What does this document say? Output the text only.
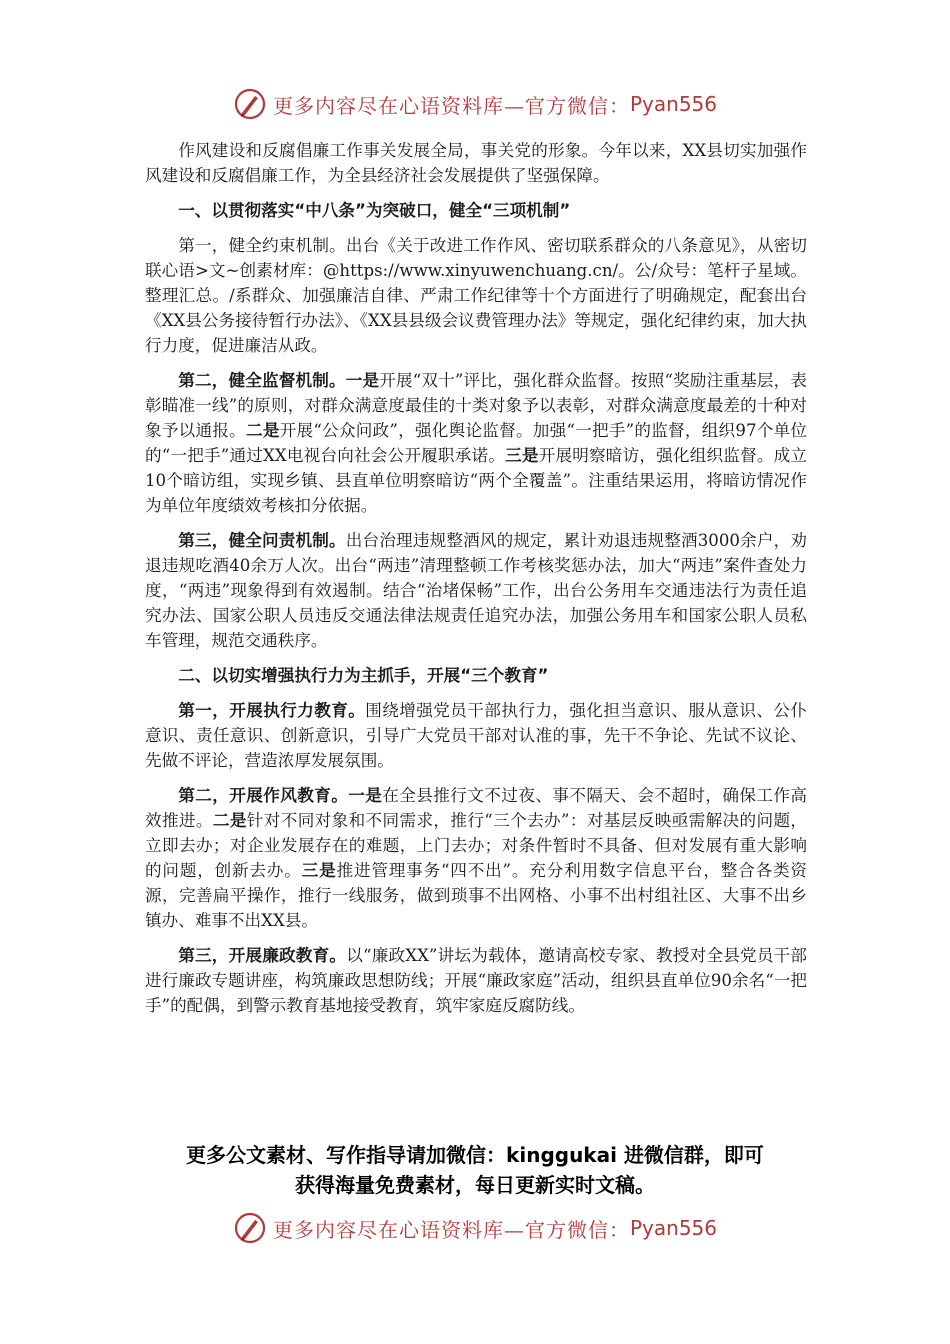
更多内容尽在心语资料库—官方微信： Pyan556

作风建设和反腐倡廉工作事关发展全局，事关党的形象。今年以来，XX县切实加强作风建设和反腐倡廉工作，为全县经济社会发展提供了坚强保障。

一、以贯彻落实“中八条”为突破口，健全“三项机制”

第一，健全约束机制。出台《关于改进工作作风、密切联系群众的八条意见》，从密切联心语>文~创素材库：@https://www.xinyuwenchuang.cn/。公/众号：笔杆子星域。整理汇总。/系群众、加强廉洁自律、严肃工作纪律等十个方面进行了明确规定，配套出台《XX县公务接待暂行办法》、《XX县县级会议费管理办法》等规定，强化纪律约束，加大执行力度，促进廉洁从政。

第二，健全监督机制。一是开展“双十”评比，强化群众监督。按照“奖励注重基层，表彰瞄准一线”的原则，对群众满意度最佳的十类对象予以表彰，对群众满意度最差的十种对象予以通报。二是开展“公众问政”，强化舆论监督。加强“一把手”的监督，组织97个单位的“一把手”通过XX电视台向社会公开履职承诺。三是开展明察暗访，强化组织监督。成立10个暗访组，实现乡镇、县直单位明察暗访“两个全覆盖”。注重结果运用，将暗访情况作为单位年度绩效考核扣分依据。

第三，健全问责机制。出台治理违规整酒风的规定，累计劝退违规整酒3000余户，劝退违规吃酒40余万人次。出台“两违”清理整顿工作考核奖惩办法，加大“两违”案件查处力度，“两违”现象得到有效遏制。结合“治堵保畅”工作，出台公务用车交通违法行为责任追究办法、国家公职人员违反交通法律法规责任追究办法，加强公务用车和国家公职人员私车管理，规范交通秩序。

二、以切实增强执行力为主抓手，开展“三个教育”

第一，开展执行力教育。围绕增强党员干部执行力，强化担当意识、服从意识、公仆意识、责任意识、创新意识，引导广大党员干部对认准的事，先干不争论、先试不议论、先做不评论，营造浓厚发展氛围。

第二，开展作风教育。一是在全县推行文不过夜、事不隔天、会不超时，确保工作高效推进。二是针对不同对象和不同需求，推行“三个去办”：对基层反映亟需解决的问题，立即去办；对企业发展存在的难题，上门去办；对条件暂时不具备、但对发展有重大影响的问题，创新去办。三是推进管理事务“四不出”。充分利用数字信息平台，整合各类资源，完善扁平操作，推行一线服务，做到琐事不出网格、小事不出村组社区、大事不出乡镇办、难事不出XX县。

第三，开展廉政教育。以“廉政XX”讲坛为载体，邀请高校专家、教授对全县党员干部进行廉政专题讲座，构筑廉政思想防线；开展“廉政家庭”活动，组织县直单位90余名“一把手”的配偶，到警示教育基地接受教育，筑牢家庭反腐防线。

更多公文素材、写作指导请加微信：kinggukai 进微信群，即可
获得海量免费素材，每日更新实时文稿。
更多内容尽在心语资料库—官方微信： Pyan556
